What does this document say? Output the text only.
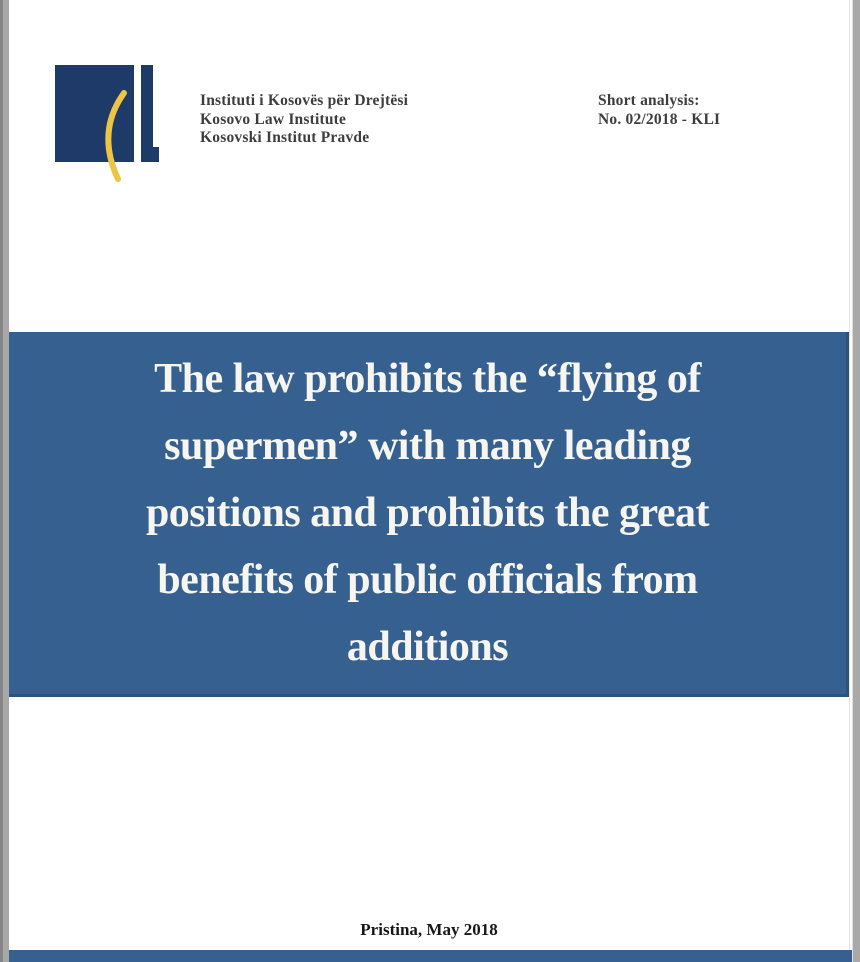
Instituti i Kosovës për Drejtësi
Kosovo Law Institute
Kosovski Institut Pravde
Short analysis:
No. 02/2018 - KLI
The law prohibits the “flying of
supermen” with many leading
positions and prohibits the great
benefits of public officials from
additions
Pristina, May 2018
